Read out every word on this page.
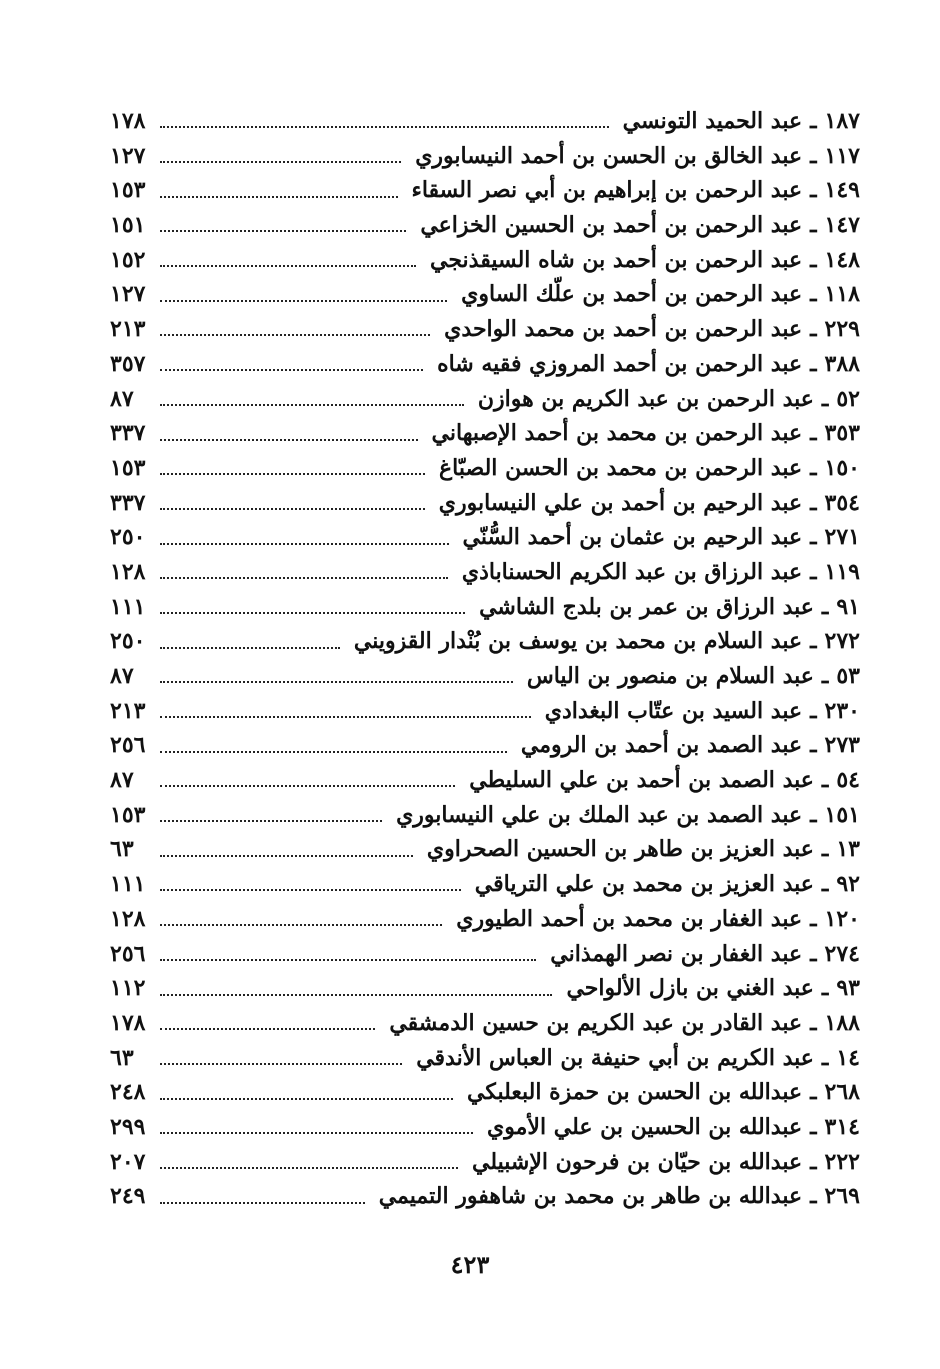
١٨٧
ـ
عبد الحميد التونسي
١٧٨
١١٧
ـ
عبد الخالق بن الحسن بن أحمد النيسابوري
١٢٧
١٤٩
ـ
عبد الرحمن بن إبراهيم بن أبي نصر السقاء
١٥٣
١٤٧
ـ
عبد الرحمن بن أحمد بن الحسين الخزاعي
١٥١
١٤٨
ـ
عبد الرحمن بن أحمد بن شاه السيقذنجي
١٥٢
١١٨
ـ
عبد الرحمن بن أحمد بن علّك الساوي
١٢٧
٢٢٩
ـ
عبد الرحمن بن أحمد بن محمد الواحدي
٢١٣
٣٨٨
ـ
عبد الرحمن بن أحمد المروزي فقيه شاه
٣٥٧
٥٢
ـ
عبد الرحمن بن عبد الكريم بن هوازن
٨٧
٣٥٣
ـ
عبد الرحمن بن محمد بن أحمد الإصبهاني
٣٣٧
١٥٠
ـ
عبد الرحمن بن محمد بن الحسن الصبّاغ
١٥٣
٣٥٤
ـ
عبد الرحيم بن أحمد بن علي النيسابوري
٣٣٧
٢٧١
ـ
عبد الرحيم بن عثمان بن أحمد السُّنّي
٢٥٠
١١٩
ـ
عبد الرزاق بن عبد الكريم الحسناباذي
١٢٨
٩١
ـ
عبد الرزاق بن عمر بن بلدج الشاشي
١١١
٢٧٢
ـ
عبد السلام بن محمد بن يوسف بن بُنْدار القزويني
٢٥٠
٥٣
ـ
عبد السلام بن منصور بن الياس
٨٧
٢٣٠
ـ
عبد السيد بن عتّاب البغدادي
٢١٣
٢٧٣
ـ
عبد الصمد بن أحمد بن الرومي
٢٥٦
٥٤
ـ
عبد الصمد بن أحمد بن علي السليطي
٨٧
١٥١
ـ
عبد الصمد بن عبد الملك بن علي النيسابوري
١٥٣
١٣
ـ
عبد العزيز بن طاهر بن الحسين الصحراوي
٦٣
٩٢
ـ
عبد العزيز بن محمد بن علي الترياقي
١١١
١٢٠
ـ
عبد الغفار بن محمد بن أحمد الطيوري
١٢٨
٢٧٤
ـ
عبد الغفار بن نصر الهمذاني
٢٥٦
٩٣
ـ
عبد الغني بن بازل الألواحي
١١٢
١٨٨
ـ
عبد القادر بن عبد الكريم بن حسين الدمشقي
١٧٨
١٤
ـ
عبد الكريم بن أبي حنيفة بن العباس الأندقي
٦٣
٢٦٨
ـ
عبدالله بن الحسن بن حمزة البعلبكي
٢٤٨
٣١٤
ـ
عبدالله بن الحسين بن علي الأموي
٢٩٩
٢٢٢
ـ
عبدالله بن حيّان بن فرحون الإشبيلي
٢٠٧
٢٦٩
ـ
عبدالله بن طاهر بن محمد بن شاهفور التميمي
٢٤٩
٤٢٣
